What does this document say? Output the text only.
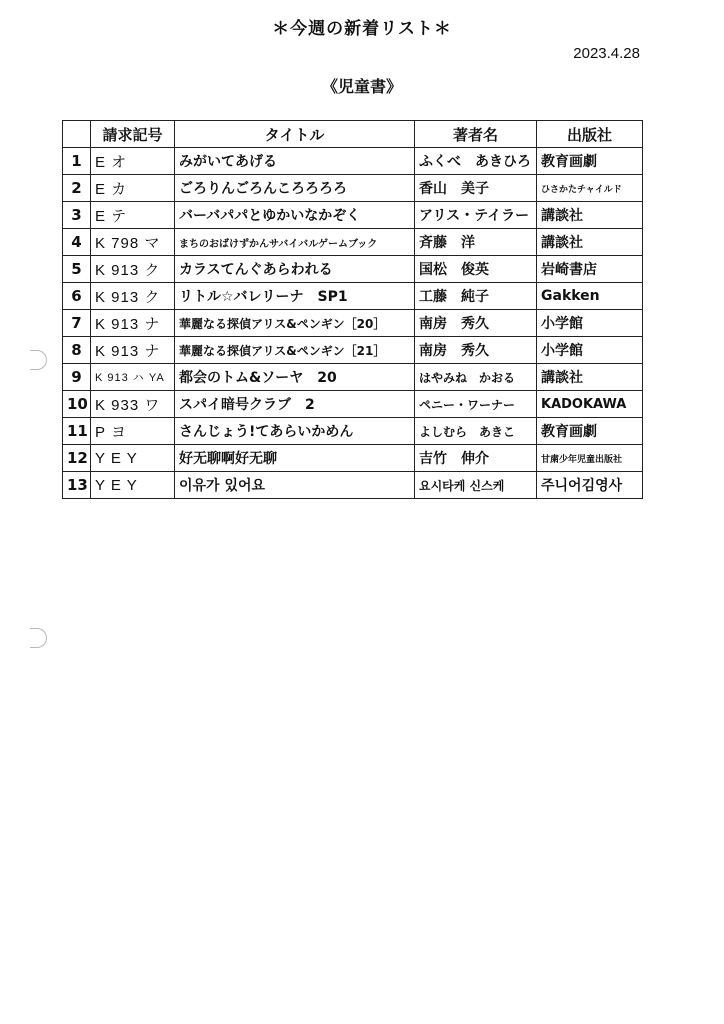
＊今週の新着リスト＊
2023.4.28
《児童書》
	請求記号	タイトル	著者名	出版社
1	E オ	みがいてあげる	ふくべ　あきひろ	教育画劇
2	E カ	ごろりんごろんころろろろ	香山　美子	ひさかたチャイルド
3	E テ	バーバパパとゆかいなかぞく	アリス・テイラー	講談社
4	K 798 マ	まちのおばけずかんサバイバルゲームブック	斉藤　洋	講談社
5	K 913 ク	カラスてんぐあらわれる	国松　俊英	岩崎書店
6	K 913 ク	リトル☆バレリーナ　SP1	工藤　純子	Gakken
7	K 913 ナ	華麗なる探偵アリス&ペンギン［20］	南房　秀久	小学館
8	K 913 ナ	華麗なる探偵アリス&ペンギン［21］	南房　秀久	小学館
9	K 913 ハ YA	都会のトム&ソーヤ　20	はやみね　かおる	講談社
10	K 933 ワ	スパイ暗号クラブ　2	ペニー・ワーナー	KADOKAWA
11	P ヨ	さんじょう!てあらいかめん	よしむら　あきこ	教育画劇
12	Y E Y	好无聊啊好无聊	吉竹　伸介	甘粛少年児童出版社
13	Y E Y	이유가 있어요	요시타케 신스케	주니어김영사
